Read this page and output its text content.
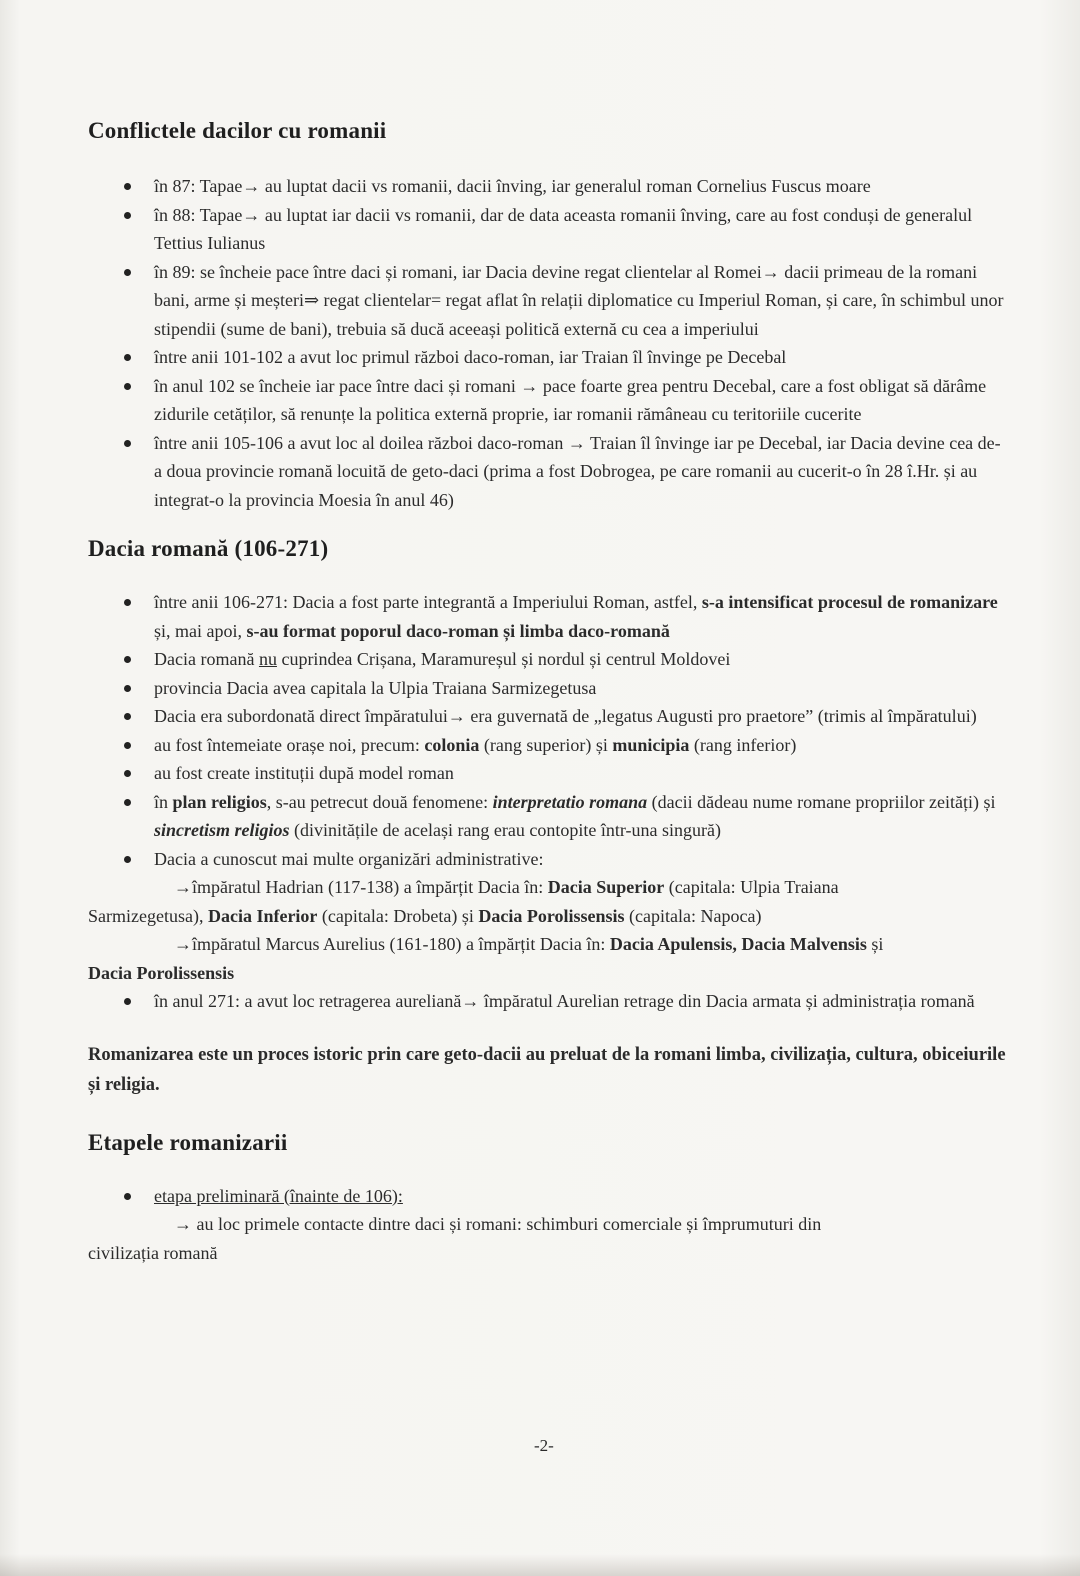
Conflictele dacilor cu romanii
în 87: Tapae→ au luptat dacii vs romanii, dacii înving, iar generalul roman Cornelius Fuscus moare
în 88: Tapae→ au luptat iar dacii vs romanii, dar de data aceasta romanii înving, care au fost conduși de generalul Tettius Iulianus
în 89: se încheie pace între daci și romani, iar Dacia devine regat clientelar al Romei→ dacii primeau de la romani bani, arme și meșteri⇒ regat clientelar= regat aflat în relații diplomatice cu Imperiul Roman, și care, în schimbul unor stipendii (sume de bani), trebuia să ducă aceeași politică externă cu cea a imperiului
între anii 101-102 a avut loc primul război daco-roman, iar Traian îl învinge pe Decebal
în anul 102 se încheie iar pace între daci și romani → pace foarte grea pentru Decebal, care a fost obligat să dărâme zidurile cetăților, să renunțe la politica externă proprie, iar romanii rămâneau cu teritoriile cucerite
între anii 105-106 a avut loc al doilea război daco-roman → Traian îl învinge iar pe Decebal, iar Dacia devine cea de-a doua provincie romană locuită de geto-daci (prima a fost Dobrogea, pe care romanii au cucerit-o în 28 î.Hr. și au integrat-o la provincia Moesia în anul 46)
Dacia romană (106-271)
între anii 106-271: Dacia a fost parte integrantă a Imperiului Roman, astfel, s-a intensificat procesul de romanizare și, mai apoi, s-au format poporul daco-roman și limba daco-romană
Dacia romană nu cuprindea Crișana, Maramureșul și nordul și centrul Moldovei
provincia Dacia avea capitala la Ulpia Traiana Sarmizegetusa
Dacia era subordonată direct împăratului→ era guvernată de „legatus Augusti pro praetore” (trimis al împăratului)
au fost întemeiate orașe noi, precum: colonia (rang superior) și municipia (rang inferior)
au fost create instituții după model roman
în plan religios, s-au petrecut două fenomene: interpretatio romana (dacii dădeau nume romane propriilor zeități) și sincretism religios (divinitățile de același rang erau contopite într-una singură)
Dacia a cunoscut mai multe organizări administrative:
→împăratul Hadrian (117-138) a împărțit Dacia în: Dacia Superior (capitala: Ulpia Traiana
Sarmizegetusa), Dacia Inferior (capitala: Drobeta) și Dacia Porolissensis (capitala: Napoca)
→împăratul Marcus Aurelius (161-180) a împărțit Dacia în: Dacia Apulensis, Dacia Malvensis și
Dacia Porolissensis
în anul 271: a avut loc retragerea aureliană→ împăratul Aurelian retrage din Dacia armata și administrația romană
Romanizarea este un proces istoric prin care geto-dacii au preluat de la romani limba, civilizația, cultura, obiceiurile și religia.
Etapele romanizarii
etapa preliminară (înainte de 106):
→ au loc primele contacte dintre daci și romani: schimburi comerciale și împrumuturi din
civilizația romană
-2-
